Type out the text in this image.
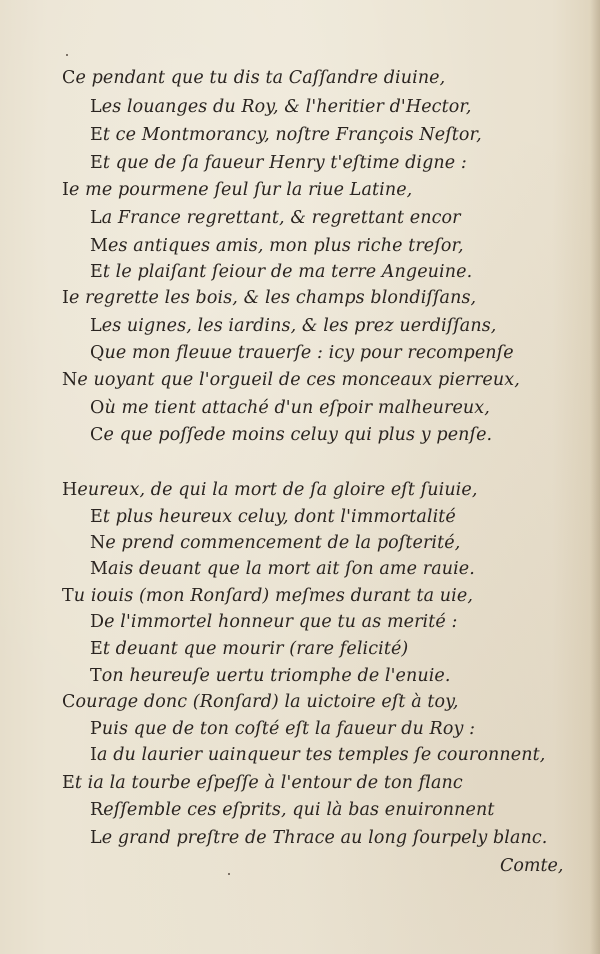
Ce pendant que tu dis ta Caſſandre diuine,

Les louanges du Roy, & l'heritier d'Hector,

Et ce Montmorancy, noſtre François Neſtor,

Et que de ſa faueur Henry t'eſtime digne :

Ie me pourmene ſeul ſur la riue Latine,

La France regrettant, & regrettant encor

Mes antiques amis, mon plus riche treſor,

Et le plaiſant ſeiour de ma terre Angeuine.

Ie regrette les bois, & les champs blondiſſans,

Les uignes, les iardins, & les prez uerdiſſans,

Que mon fleuue trauerſe : icy pour recompenſe

Ne uoyant que l'orgueil de ces monceaux pierreux,

Où me tient attaché d'un eſpoir malheureux,

Ce que poſſede moins celuy qui plus y penſe.

Heureux, de qui la mort de ſa gloire eſt ſuiuie,

Et plus heureux celuy, dont l'immortalité

Ne prend commencement de la poſterité,

Mais deuant que la mort ait ſon ame rauie.

Tu iouis (mon Ronſard) meſmes durant ta uie,

De l'immortel honneur que tu as merité :

Et deuant que mourir (rare felicité)

Ton heureuſe uertu triomphe de l'enuie.

Courage donc (Ronſard) la uictoire eſt à toy,

Puis que de ton coſté eſt la faueur du Roy :

Ia du laurier uainqueur tes temples ſe couronnent,

Et ia la tourbe eſpeſſe à l'entour de ton flanc

Reſſemble ces eſprits, qui là bas enuironnent

Le grand preſtre de Thrace au long ſourpely blanc.

Comte,
